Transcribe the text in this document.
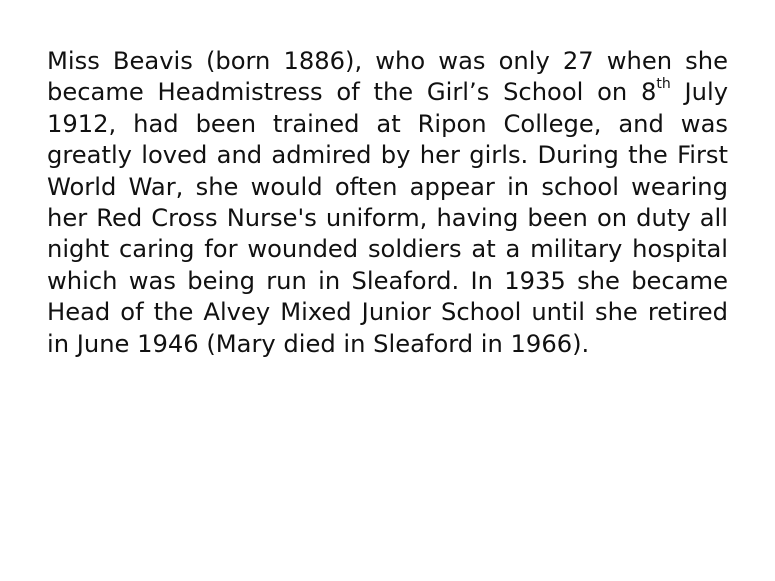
Miss Beavis (born 1886), who was only 27 when she became Headmistress of the Girl’s School on 8th July 1912, had been trained at Ripon College, and was greatly loved and admired by her girls. During the First World War, she would often appear in school wearing her Red Cross Nurse's uniform, having been on duty all night caring for wounded soldiers at a military hospital which was being run in Sleaford. In 1935 she became Head of the Alvey Mixed Junior School until she retired in June 1946 (Mary died in Sleaford in 1966).
